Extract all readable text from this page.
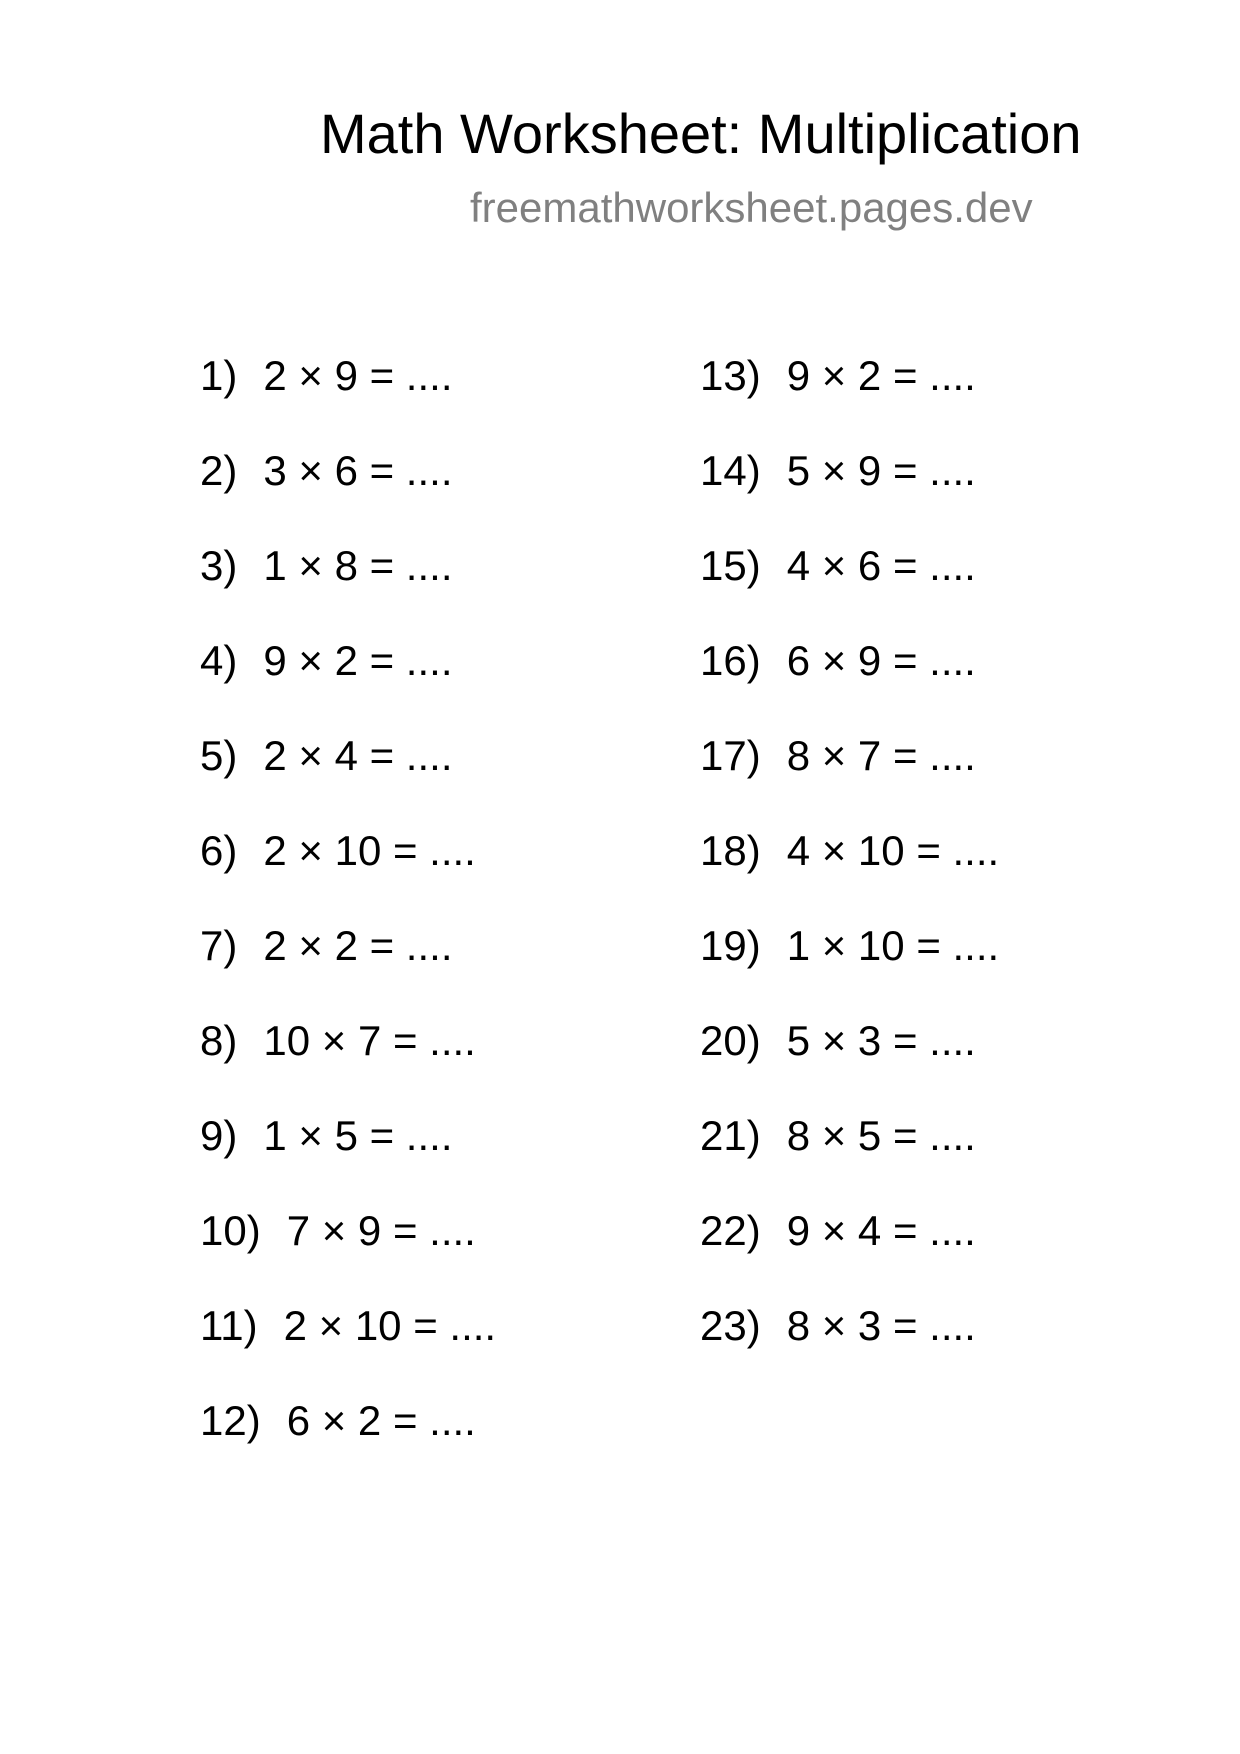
Math Worksheet: Multiplication
freemathworksheet.pages.dev
1) 2 × 9 = ....
2) 3 × 6 = ....
3) 1 × 8 = ....
4) 9 × 2 = ....
5) 2 × 4 = ....
6) 2 × 10 = ....
7) 2 × 2 = ....
8) 10 × 7 = ....
9) 1 × 5 = ....
10) 7 × 9 = ....
11) 2 × 10 = ....
12) 6 × 2 = ....
13) 9 × 2 = ....
14) 5 × 9 = ....
15) 4 × 6 = ....
16) 6 × 9 = ....
17) 8 × 7 = ....
18) 4 × 10 = ....
19) 1 × 10 = ....
20) 5 × 3 = ....
21) 8 × 5 = ....
22) 9 × 4 = ....
23) 8 × 3 = ....
